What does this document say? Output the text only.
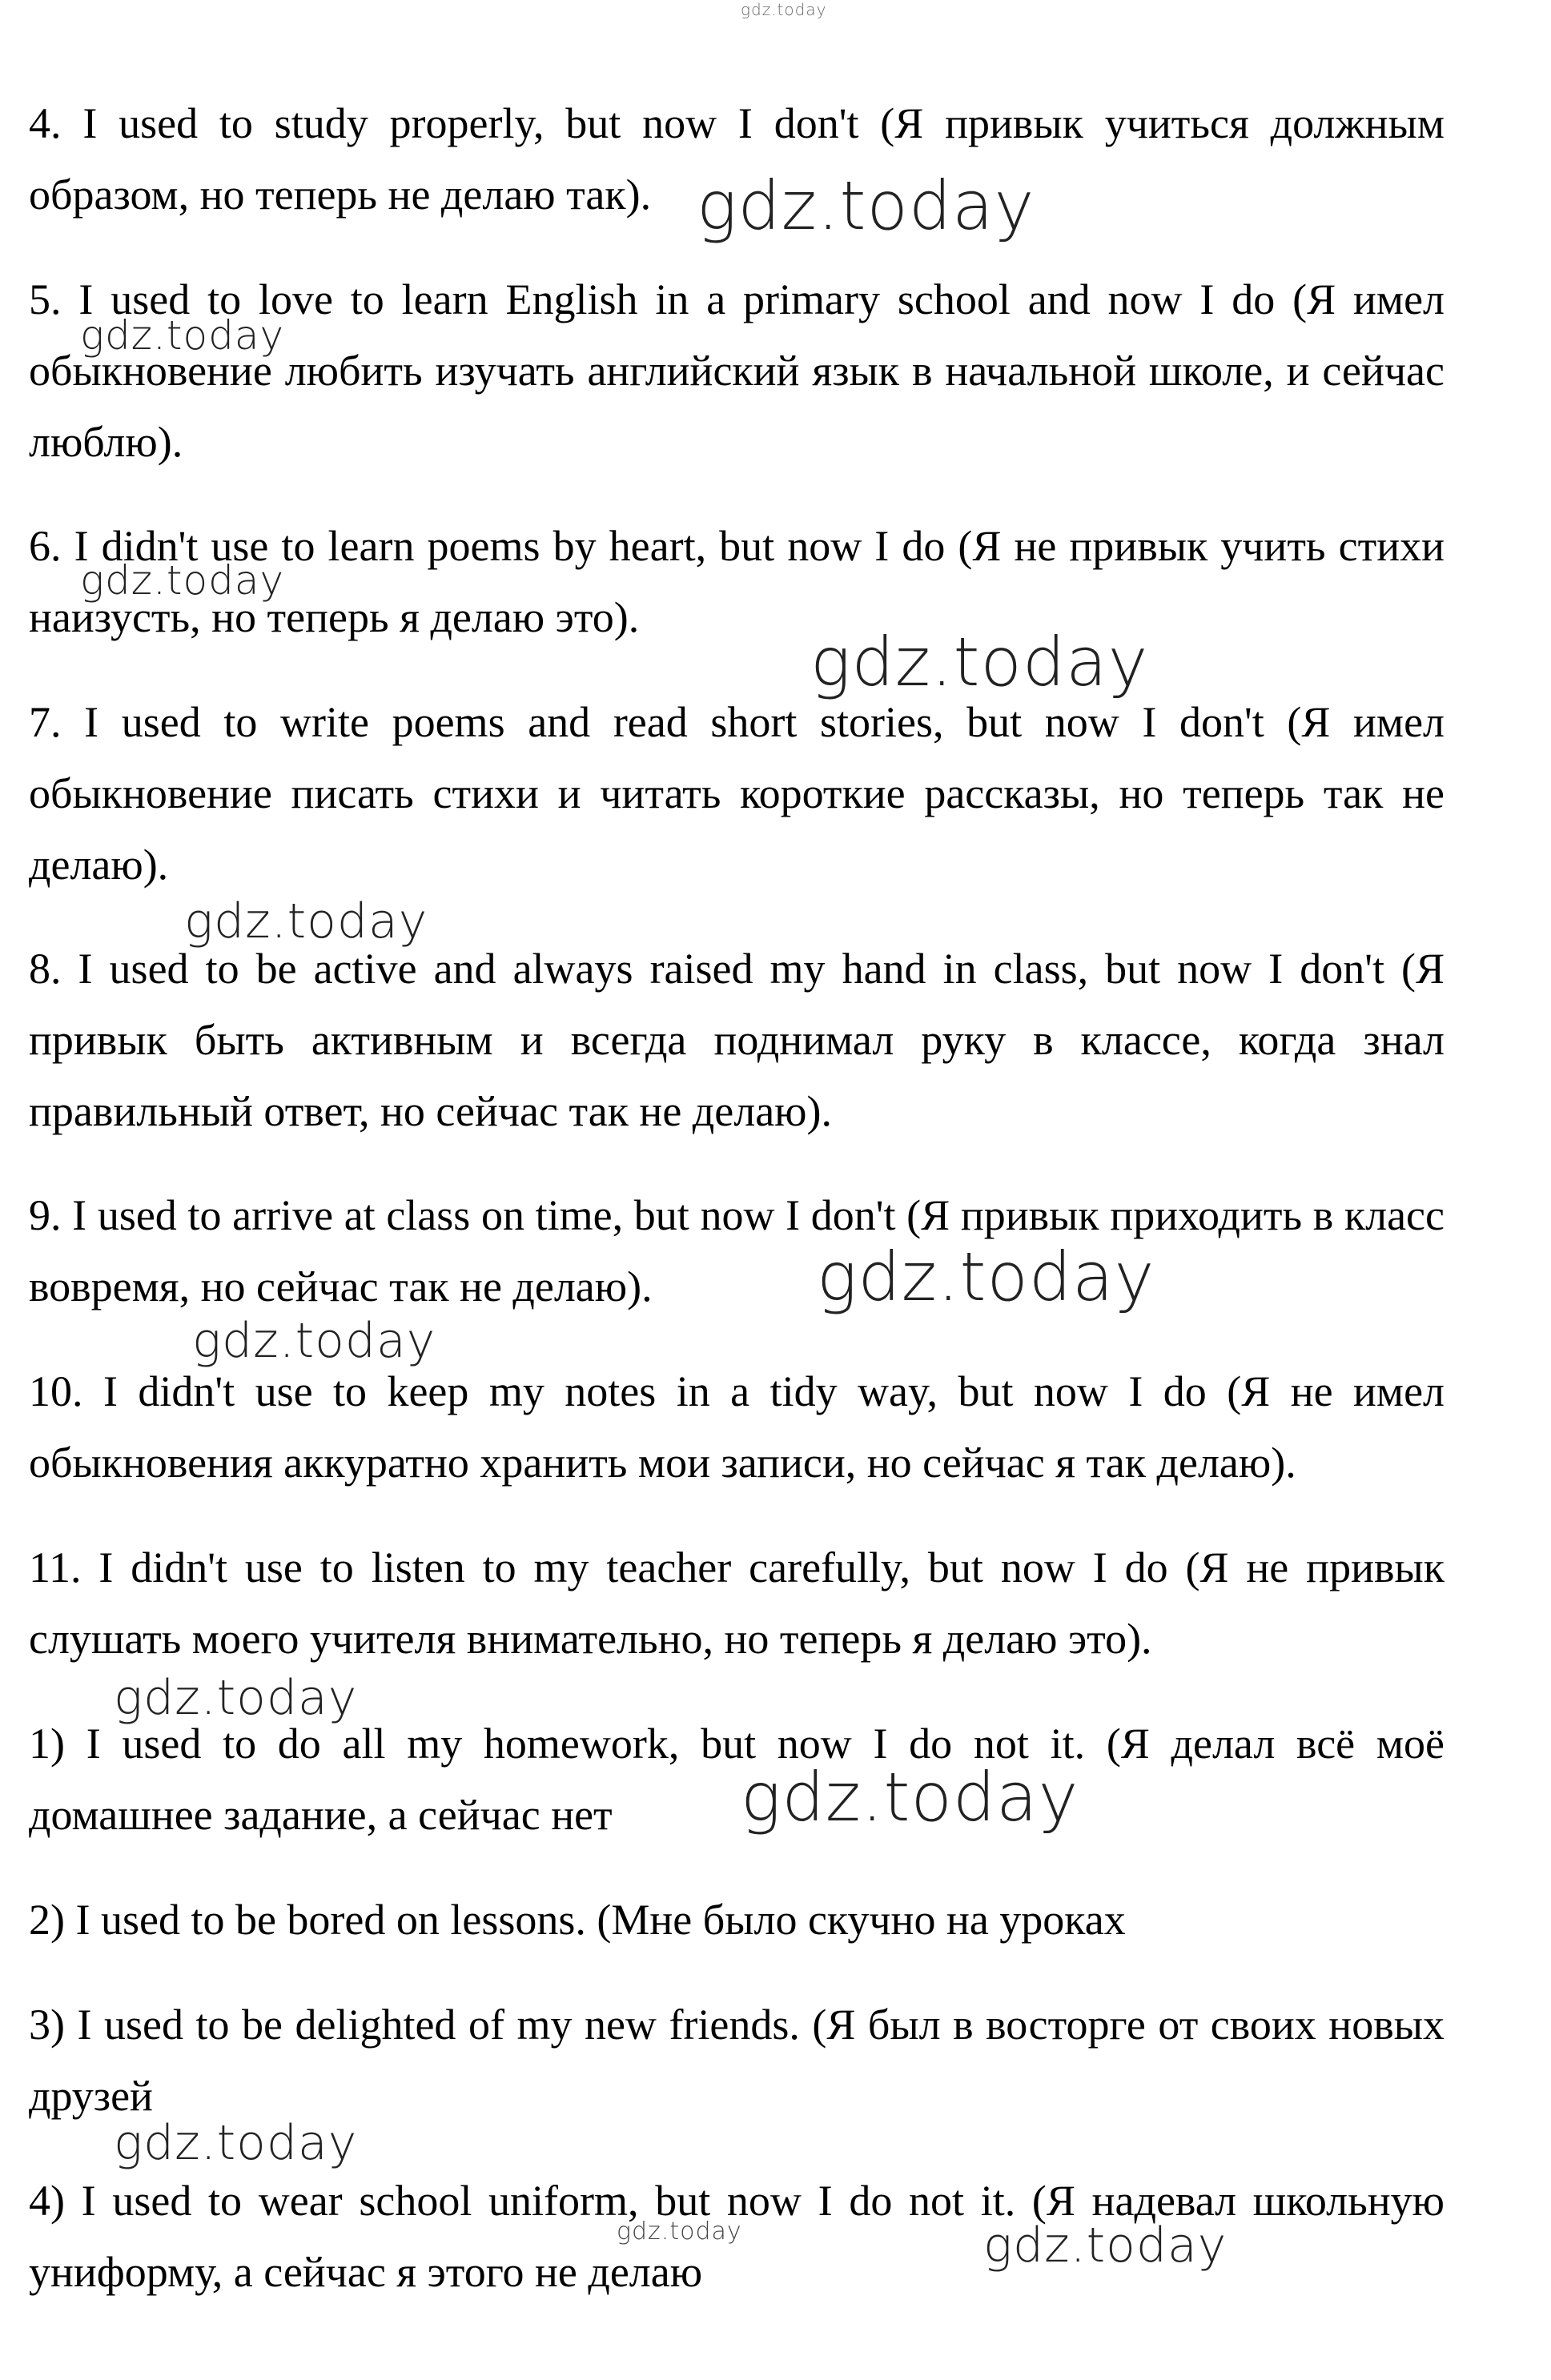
4. I used to study properly, but now I don't (Я привык учиться должным образом, но теперь не делаю так).

5. I used to love to learn English in a primary school and now I do (Я имел обыкновение любить изучать английский язык в начальной школе, и сейчас люблю).

6. I didn't use to learn poems by heart, but now I do (Я не привык учить стихи наизусть, но теперь я делаю это).

7. I used to write poems and read short stories, but now I don't (Я имел обыкновение писать стихи и читать короткие рассказы, но теперь так не делаю).

8. I used to be active and always raised my hand in class, but now I don't (Я привык быть активным и всегда поднимал руку в классе, когда знал правильный ответ, но сейчас так не делаю).

9. I used to arrive at class on time, but now I don't (Я привык приходить в класс вовремя, но сейчас так не делаю).

10. I didn't use to keep my notes in a tidy way, but now I do (Я не имел обыкновения аккуратно хранить мои записи, но сейчас я так делаю).

11. I didn't use to listen to my teacher carefully, but now I do (Я не привык слушать моего учителя внимательно, но теперь я делаю это).

1) I used to do all my homework, but now I do not it. (Я делал всё моё домашнее задание, а сейчас нет

2) I used to be bored on lessons. (Мне было скучно на уроках

3) I used to be delighted of my new friends. (Я был в восторге от своих новых друзей

4) I used to wear school uniform, but now I do not it. (Я надевал школьную униформу, а сейчас я этого не делаю

gdz.today
gdz.today
gdz.today
gdz.today
gdz.today
gdz.today
gdz.today
gdz.today
gdz.today
gdz.today
gdz.today
gdz.today	gdz.today
